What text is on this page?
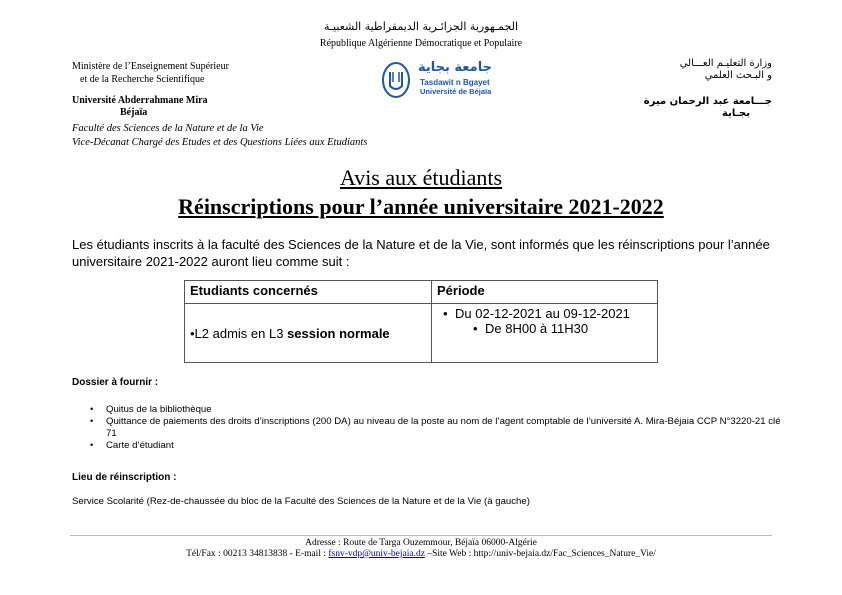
الجمـهورية الجزائـرية الديمقراطية الشعبيـة
République Algérienne Démocratique et Populaire
Ministère de l’Enseignement Supérieur
et de la Recherche Scientifique
Université Abderrahmane Mira
Béjaïa
Faculté des Sciences de la Nature et de la Vie
Vice-Décanat Chargé des Etudes et des Questions Liées aux Etudiants
جامعة بجاية
Tasdawit n Bgayet
Université de Béjaïa
وزارة التعليـم العـــالي
و البـحث العلمي
جـــامعة عبد الرحمان ميرة
بجـاية
Avis aux étudiants
Réinscriptions pour l’année universitaire 2021-2022
Les étudiants inscrits à la faculté des Sciences de la Nature et de la Vie, sont informés que les réinscriptions pour l’année universitaire 2021-2022 auront lieu comme suit :
Etudiants concernés	Période
•L2 admis en L3 session normale	• Du 02-12-2021 au 09-12-2021
• De 8H00 à 11H30
Dossier à fournir :
• Quitus de la bibliothèque
• Quittance de paiements des droits d’inscriptions (200 DA) au niveau de la poste au nom de l’agent comptable de l’université A. Mira-Béjaia CCP N°3220-21 clé 71
• Carte d’étudiant
Lieu de réinscription :
Service Scolarité (Rez-de-chaussée du bloc de la Faculté des Sciences de la Nature et de la Vie (à gauche)
Adresse : Route de Targa Ouzemmour, Béjaïa 06000-Algérie
Tél/Fax : 00213 34813838 - E-mail : fsnv-vdp@univ-bejaia.dz –Site Web : http://univ-bejaia.dz/Fac_Sciences_Nature_Vie/
